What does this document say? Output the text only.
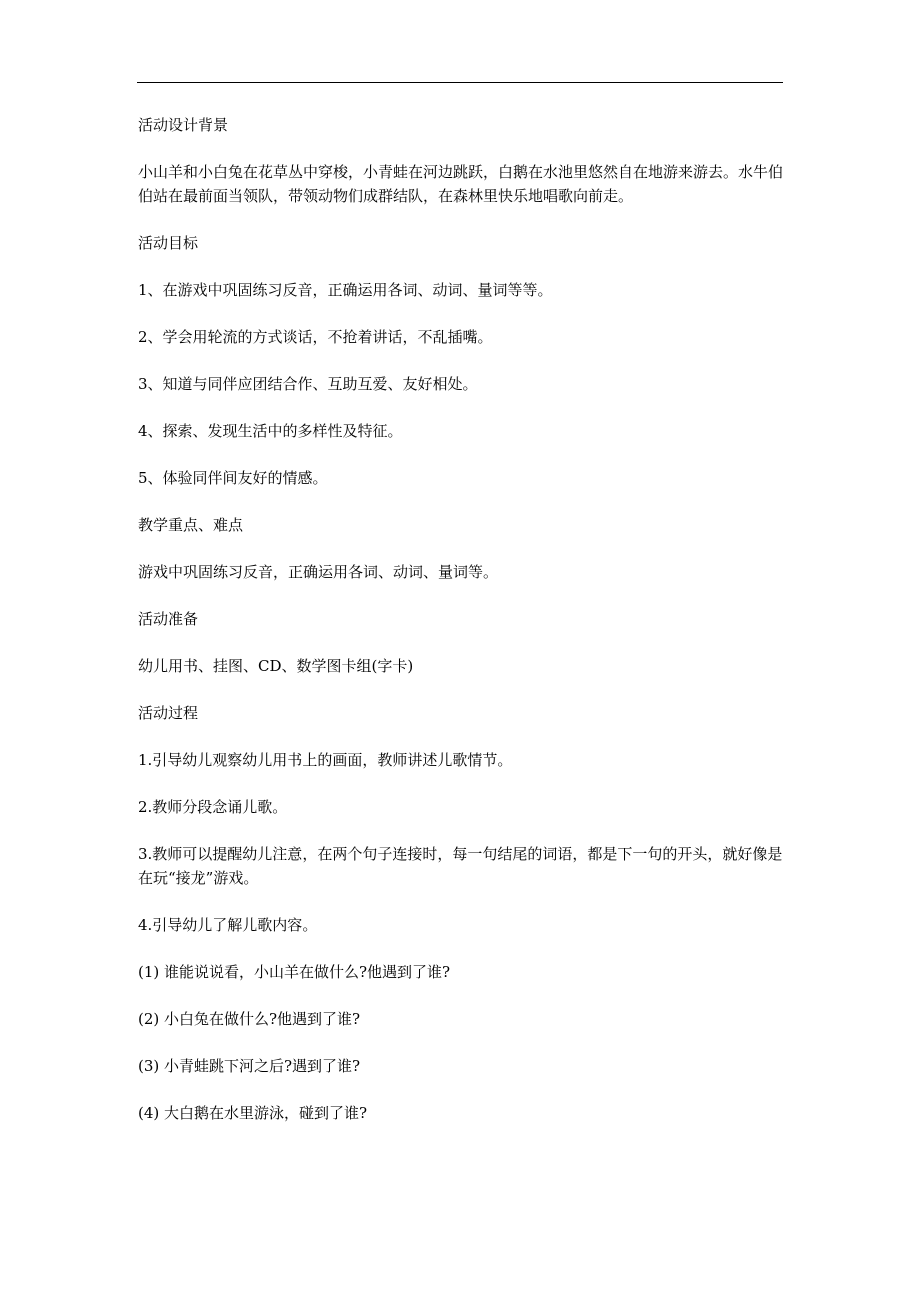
活动设计背景

小山羊和小白兔在花草丛中穿梭，小青蛙在河边跳跃，白鹅在水池里悠然自在地游来游去。水牛伯伯站在最前面当领队，带领动物们成群结队，在森林里快乐地唱歌向前走。

活动目标

1、在游戏中巩固练习反音，正确运用各词、动词、量词等等。

2、学会用轮流的方式谈话，不抢着讲话，不乱插嘴。

3、知道与同伴应团结合作、互助互爱、友好相处。

4、探索、发现生活中的多样性及特征。

5、体验同伴间友好的情感。

教学重点、难点

游戏中巩固练习反音，正确运用各词、动词、量词等。

活动准备

幼儿用书、挂图、CD、数学图卡组(字卡)

活动过程

1.引导幼儿观察幼儿用书上的画面，教师讲述儿歌情节。

2.教师分段念诵儿歌。

3.教师可以提醒幼儿注意，在两个句子连接时，每一句结尾的词语，都是下一句的开头，就好像是在玩“接龙”游戏。

4.引导幼儿了解儿歌内容。

(1) 谁能说说看，小山羊在做什么?他遇到了谁?

(2) 小白兔在做什么?他遇到了谁?

(3) 小青蛙跳下河之后?遇到了谁?

(4) 大白鹅在水里游泳，碰到了谁?
